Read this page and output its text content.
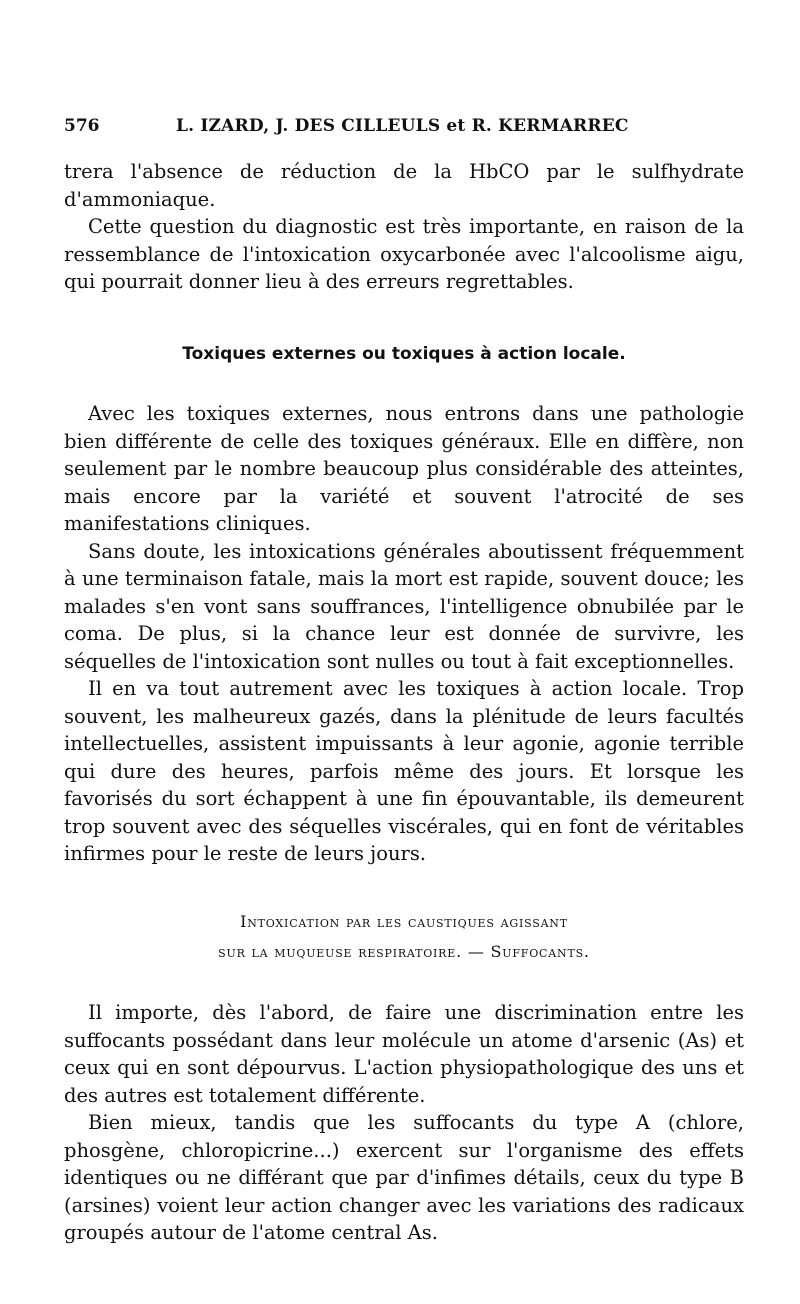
576	L. IZARD, J. DES CILLEULS et R. KERMARREC

trera l'absence de réduction de la HbCO par le sulfhydrate d'ammoniaque.

Cette question du diagnostic est très importante, en raison de la ressemblance de l'intoxication oxycarbonée avec l'alcoolisme aigu, qui pourrait donner lieu à des erreurs regrettables.

Toxiques externes ou toxiques à action locale.

Avec les toxiques externes, nous entrons dans une pathologie bien différente de celle des toxiques généraux. Elle en diffère, non seulement par le nombre beaucoup plus considérable des atteintes, mais encore par la variété et souvent l'atrocité de ses manifestations cliniques.

Sans doute, les intoxications générales aboutissent fréquemment à une terminaison fatale, mais la mort est rapide, souvent douce; les malades s'en vont sans souffrances, l'intelligence obnubilée par le coma. De plus, si la chance leur est donnée de survivre, les séquelles de l'intoxication sont nulles ou tout à fait exceptionnelles.

Il en va tout autrement avec les toxiques à action locale. Trop souvent, les malheureux gazés, dans la plénitude de leurs facultés intellectuelles, assistent impuissants à leur agonie, agonie terrible qui dure des heures, parfois même des jours. Et lorsque les favorisés du sort échappent à une fin épouvantable, ils demeurent trop souvent avec des séquelles viscérales, qui en font de véritables infirmes pour le reste de leurs jours.

Intoxication par les caustiques agissant
sur la muqueuse respiratoire. — Suffocants.

Il importe, dès l'abord, de faire une discrimination entre les suffocants possédant dans leur molécule un atome d'arsenic (As) et ceux qui en sont dépourvus. L'action physiopathologique des uns et des autres est totalement différente.

Bien mieux, tandis que les suffocants du type A (chlore, phosgène, chloropicrine...) exercent sur l'organisme des effets identiques ou ne différant que par d'infimes détails, ceux du type B (arsines) voient leur action changer avec les variations des radicaux groupés autour de l'atome central As.
